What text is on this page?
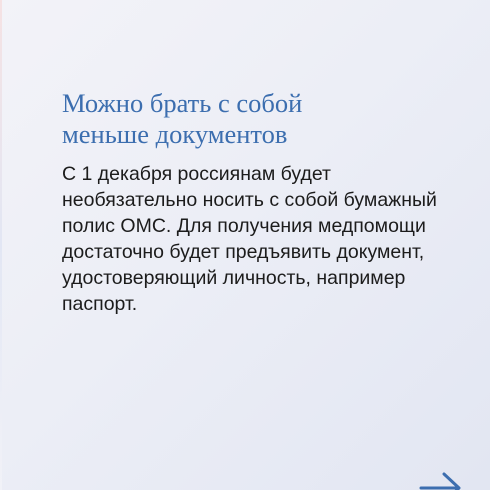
Можно брать с собой
меньше документов

С 1 декабря россиянам будет
необязательно носить с собой бумажный
полис ОМС. Для получения медпомощи
достаточно будет предъявить документ,
удостоверяющий личность, например
паспорт.
